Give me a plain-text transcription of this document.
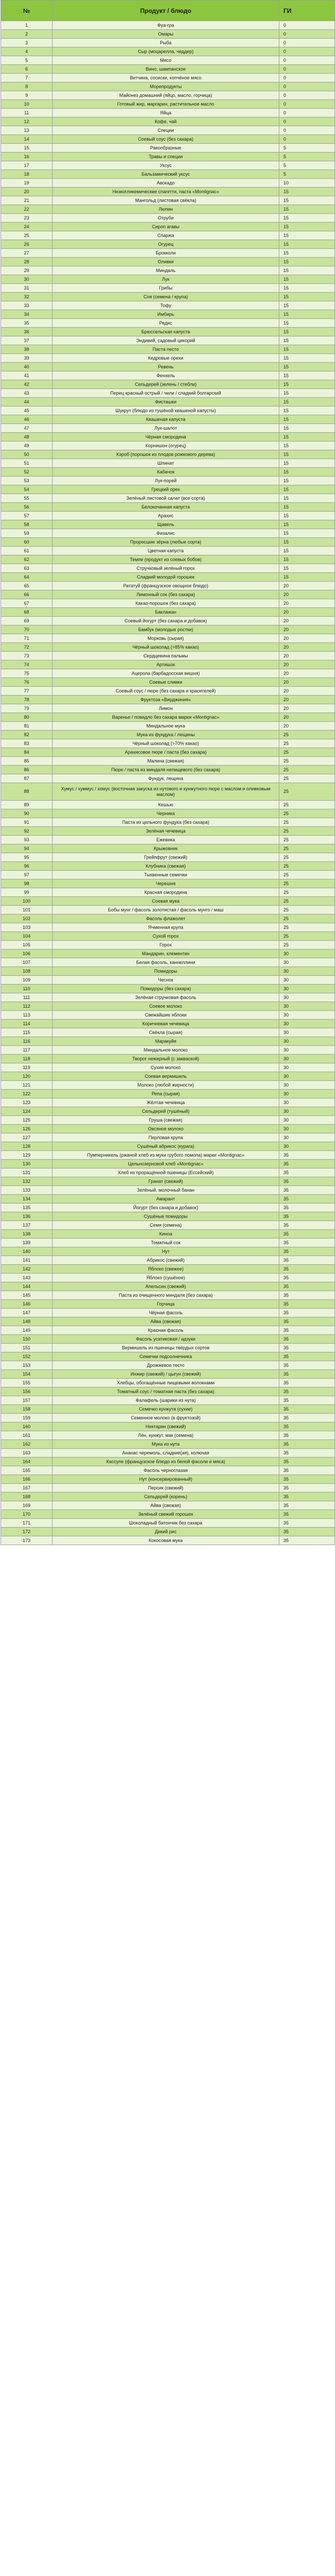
№	Продукт / блюдо	ГИ
1	Фуа-гра	0
2	Омары	0
3	Рыба	0
4	Сыр (моцарелла, чеддер)	0
5	Мясо	0
6	Вино, шампанское	0
7	Ветчина, сосиски, копчёное мясо	0
8	Морепродукты	0
9	Майонез домашний (яйцо, масло, горчица)	0
10	Готовый жир, маргарин, растительное масло	0
11	Яйца	0
12	Кофе, чай	0
13	Специи	0
14	Соевый соус (без сахара)	0
15	Ракообразные	5
16	Травы и специи	5
17	Уксус	5
18	Бальзамический уксус	5
19	Авокадо	10
20	Низкогликемические спагетти, паста «Montignac»	15
21	Мангольд (листовая свёкла)	15
22	Люпин	15
23	Отруби	15
24	Сироп агавы	15
25	Спаржа	15
26	Огурец	15
27	Брокколи	15
28	Оливки	15
29	Миндаль	15
30	Лук	15
31	Грибы	15
32	Соя (семена / крупа)	15
33	Тофу	15
34	Имбирь	15
35	Редис	15
36	Брюссельская капуста	15
37	Эндивий, садовый цикорий	15
38	Паста песто	15
39	Кедровые орехи	15
40	Ревень	15
41	Фенхель	15
42	Сельдерей (зелень / стебли)	15
43	Перец красный острый / чили / сладкий болгарский	15
44	Фисташки	15
45	Шукрут (блюдо из тушёной квашеной капусты)	15
46	Квашеная капуста	15
47	Лук-шалот	15
48	Чёрная смородина	15
49	Корнишон (огурец)	15
50	Кэроб (порошок из плодов рожкового дерева)	15
51	Шпинат	15
52	Кабачок	15
53	Лук-порей	15
54	Грецкий орех	15
55	Зелёный листовой салат (все сорта)	15
56	Белокочанная капуста	15
57	Арахис	15
58	Щавель	15
59	Физалис	15
60	Проросшие зёрна (любые сорта)	15
61	Цветная капуста	15
62	Темпе (продукт из соевых бобов)	15
63	Стручковый зелёный горох	15
64	Сладкий молодой горошек	15
65	Рататуй (французское овощное блюдо)	20
66	Лимонный сок (без сахара)	20
67	Какао-порошок (без сахара)	20
68	Баклажан	20
69	Соевый йогурт (без сахара и добавок)	20
70	Бамбук (молодые ростки)	20
71	Морковь (сырая)	20
72	Чёрный шоколад (>85% какао)	20
73	Сердцевина пальмы	20
74	Артишок	20
75	Ацерола (барбадосская вишня)	20
76	Соевые сливки	20
77	Соевый соус / пюре (без сахара и красителей)	20
78	Фруктоза «Вирджиния»	20
79	Лимон	20
80	Варенье / повидло без сахара марки «Montignac»	20
81	Миндальное мука	20
82	Мука из фундука / лещины	25
83	Чёрный шоколад (>70% какао)	25
84	Арахисовое пюре / паста (без сахара)	25
85	Малина (свежая)	25
86	Пюре / паста из миндаля непищевого (без сахара)	25
87	Фундук, лещина	25
88	Хумус / хуммус / хомус (восточная закуска из нутового и кунжутного пюре с маслом и оливковым маслом)	25
89	Кешью	25
90	Черника	25
91	Паста из цельного фундука (без сахара)	25
92	Зелёная чечевица	25
93	Ежевика	25
94	Крыжовник	25
95	Грейпфрут (свежий)	25
96	Клубника (свежая)	25
97	Тыквенные семечки	25
98	Черешня	25
99	Красная смородина	25
100	Соевая мука	25
101	Бобы мунг / фасоль золотистая / фасоль мунго / маш	25
102	Фасоль флажолет	25
103	Ячменная крупа	25
104	Сухой горох	25
105	Горох	25
106	Мандарин, клементин	30
107	Белая фасоль, каннеллини	30
108	Помидоры	30
109	Чеснок	30
110	Помидоры (без сахара)	30
111	Зелёная стручковая фасоль	30
112	Соевое молоко	30
113	Свежайшие яблоки	30
114	Коричневая чечевица	30
115	Свёкла (сырая)	30
116	Маракуйя	30
117	Миндальное молоко	30
118	Творог нежирный (с закваской)	30
119	Сухие молоко	30
120	Соевая вермишель	30
121	Молоко (любой жирности)	30
122	Репа (сырая)	30
123	Жёлтая чечевица	30
124	Сельдерей (тушёный)	30
125	Груша (свежая)	30
126	Овсяное молоко	30
127	Перловая крупа	30
128	Сушёный абрикос (курага)	30
129	Пумперникель (ржаной хлеб из муки грубого помола) марки «Montignac»	35
130	Цельнозерновой хлеб «Montignac»	35
131	Хлеб из проращённой пшеницы (Ессейский)	35
132	Гранат (свежий)	35
133	Зелёный, молочный банан	35
134	Амарант	35
135	Йогурт (без сахара и добавок)	35
136	Сушёные помидоры	35
137	Семя (семена)	35
138	Киноа	35
139	Томатный сок	35
140	Нут	35
141	Абрикос (свежий)	35
142	Яблоко (свежее)	35
143	Яблоко (сушёное)	35
144	Апельсин (свежий)	35
145	Паста из очищенного миндаля (без сахара)	35
146	Горчица	35
147	Чёрная фасоль	35
148	Айва (свежая)	35
149	Красная фасоль	35
150	Фасоль усатиковая / адзуки	35
151	Вермишель из пшеницы твёрдых сортов	35
152	Семечки подсолнечника	35
153	Дрожжевое тесто	35
154	Инжир (свежий) / цыгун (свежий)	35
155	Хлебцы, обогащённые пищевыми волокнами	35
156	Томатный соус / томатная паста (без сахара)	35
157	Фалафель (шарики из нута)	35
158	Семечко кунжута (сухие)	35
159	Семенное молоко (в фруктозой)	35
160	Нектарин (свежий)	35
161	Лён, кунжут, мак (семена)	35
162	Мука из нута	35
163	Ананас черемоль, сладкие(ая), колючая	35
164	Кассуле (французское блюдо из белой фасоли и мяса)	35
165	Фасоль черноглазая	35
166	Нут (консервированный)	35
167	Персик (свежий)	35
168	Сельдерей (корень)	35
169	Айва (свежая)	35
170	Зелёный свежий горошек	35
171	Шоколадный батончик без сахара	35
172	Дикий рис	35
173	Кокосовая мука	35
